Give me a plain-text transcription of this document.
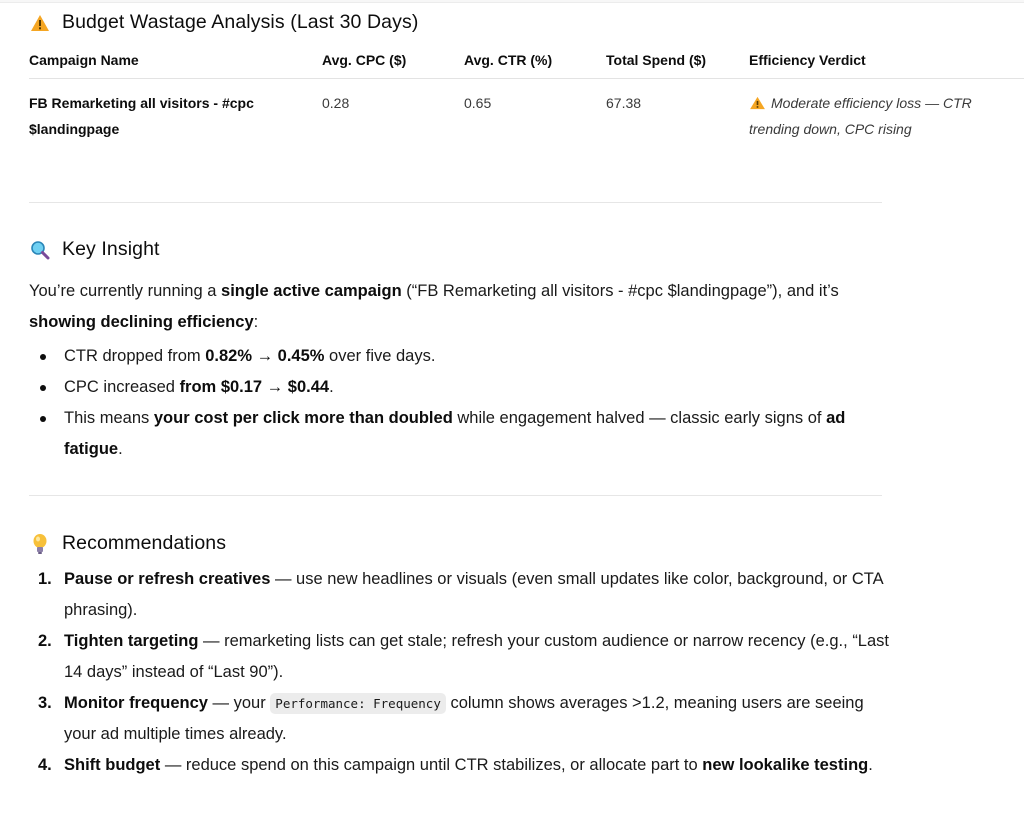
Budget Wastage Analysis (Last 30 Days)
Campaign Name	Avg. CPC ($)	Avg. CTR (%)	Total Spend ($)	Efficiency Verdict
FB Remarketing all visitors - #cpc $landingpage	0.28	0.65	67.38	Moderate efficiency loss — CTR trending down, CPC rising
Key Insight

You’re currently running a single active campaign (“FB Remarketing all visitors - #cpc $landingpage”), and it’s showing declining efficiency:

CTR dropped from 0.82% → 0.45% over five days.
CPC increased from $0.17 → $0.44.
This means your cost per click more than doubled while engagement halved — classic early signs of ad fatigue.
Recommendations
1. Pause or refresh creatives — use new headlines or visuals (even small updates like color, background, or CTA phrasing).
2. Tighten targeting — remarketing lists can get stale; refresh your custom audience or narrow recency (e.g., “Last 14 days” instead of “Last 90”).
3. Monitor frequency — your Performance: Frequency column shows averages >1.2, meaning users are seeing your ad multiple times already.
4. Shift budget — reduce spend on this campaign until CTR stabilizes, or allocate part to new lookalike testing.
